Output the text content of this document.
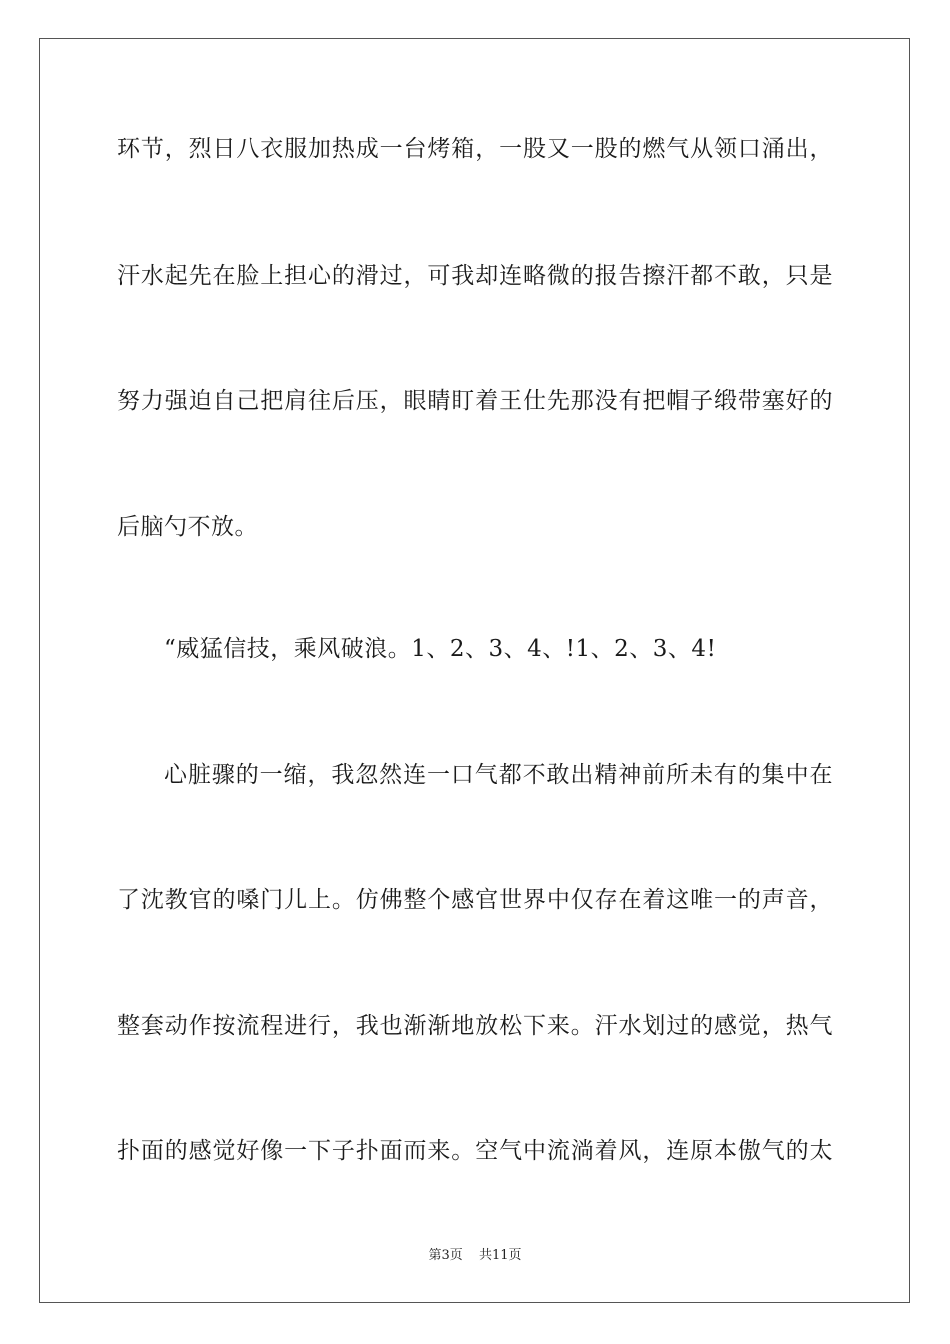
环节，烈日八衣服加热成一台烤箱，一股又一股的燃气从领口涌出，
汗水起先在脸上担心的滑过，可我却连略微的报告擦汗都不敢，只是
努力强迫自己把肩往后压，眼睛盯着王仕先那没有把帽子缎带塞好的
后脑勺不放。
“威猛信技，乘风破浪。1、2、3、4、!1、2、3、4!
心脏骤的一缩，我忽然连一口气都不敢出精神前所未有的集中在
了沈教官的嗓门儿上。仿佛整个感官世界中仅存在着这唯一的声音，
整套动作按流程进行，我也渐渐地放松下来。汗水划过的感觉，热气
扑面的感觉好像一下子扑面而来。空气中流淌着风，连原本傲气的太
第3页 共11页
